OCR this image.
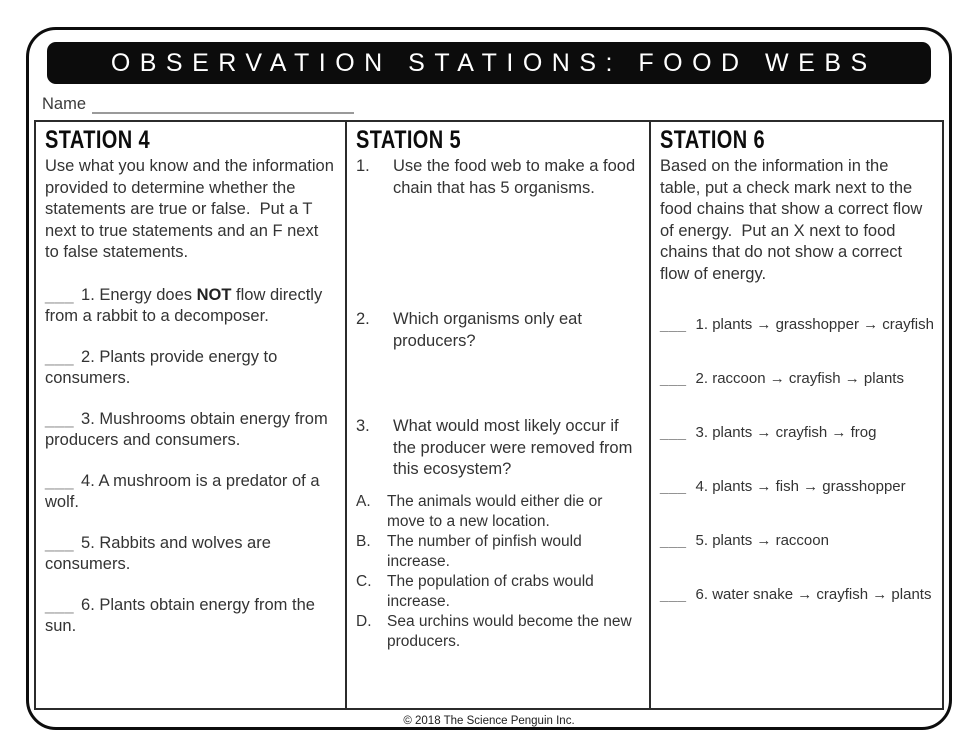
OBSERVATION STATIONS: FOOD WEBS
Name
STATION 4

Use what you know and the information provided to determine whether the statements are true or false.  Put a T next to true statements and an F next to false statements.

___ 1. Energy does NOT flow directly from a rabbit to a decomposer.

___ 2. Plants provide energy to consumers.

___ 3. Mushrooms obtain energy from producers and consumers.

___ 4. A mushroom is a predator of a wolf.

___ 5. Rabbits and wolves are consumers.

___ 6. Plants obtain energy from the sun.

STATION 5
1.	Use the food web to make a food chain that has 5 organisms.
2.	Which organisms only eat producers?
3.	What would most likely occur if the producer were removed from this ecosystem?
A.	The animals would either die or move to a new location.
B.	The number of pinfish would increase.
C.	The population of crabs would increase.
D.	Sea urchins would become the new producers.
STATION 6

Based on the information in the table, put a check mark next to the food chains that show a correct flow of energy.  Put an X next to food chains that do not show a correct flow of energy.

___ 1. plants → grasshopper → crayfish
___ 2. raccoon → crayfish → plants
___ 3. plants → crayfish → frog
___ 4. plants → fish → grasshopper
___ 5. plants → raccoon
___ 6. water snake → crayfish → plants
© 2018 The Science Penguin Inc.
